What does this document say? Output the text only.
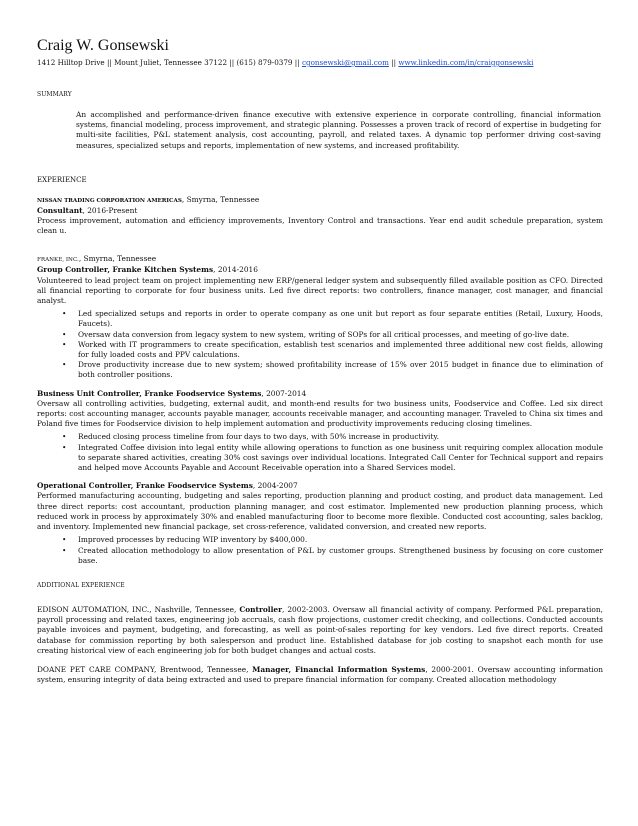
Craig W. Gonsewski
1412 Hilltop Drive || Mount Juliet, Tennessee 37122 || (615) 879-0379 || cgonsewski@gmail.com || www.linkedin.com/in/craiggonsewski
SUMMARY

An accomplished and performance-driven finance executive with extensive experience in corporate controlling, financial information systems, financial modeling, process improvement, and strategic planning. Possesses a proven track of record of expertise in budgeting for multi-site facilities, P&L statement analysis, cost accounting, payroll, and related taxes. A dynamic top performer driving cost-saving measures, specialized setups and reports, implementation of new systems, and increased profitability.

EXPERIENCE
NISSAN TRADING CORPORATION AMERICAS, Smyrna, Tennessee
Consultant, 2016-Present

Process improvement, automation and efficiency improvements, Inventory Control and transactions. Year end audit schedule preparation, system clean u.

FRANKE, INC., Smyrna, Tennessee
Group Controller, Franke Kitchen Systems, 2014-2016

Volunteered to lead project team on project implementing new ERP/general ledger system and subsequently filled available position as CFO. Directed all financial reporting to corporate for four business units. Led five direct reports: two controllers, finance manager, cost manager, and financial analyst.

• Led specialized setups and reports in order to operate company as one unit but report as four separate entities (Retail, Luxury, Hoods, Faucets).
• Oversaw data conversion from legacy system to new system, writing of SOPs for all critical processes, and meeting of go-live date.
• Worked with IT programmers to create specification, establish test scenarios and implemented three additional new cost fields, allowing for fully loaded costs and PPV calculations.
• Drove productivity increase due to new system; showed profitability increase of 15% over 2015 budget in finance due to elimination of both controller positions.
Business Unit Controller, Franke Foodservice Systems, 2007-2014

Oversaw all controlling activities, budgeting, external audit, and month-end results for two business units, Foodservice and Coffee. Led six direct reports: cost accounting manager, accounts payable manager, accounts receivable manager, and accounting manager. Traveled to China six times and Poland five times for Foodservice division to help implement automation and productivity improvements reducing closing timelines.

• Reduced closing process timeline from four days to two days, with 50% increase in productivity.
• Integrated Coffee division into legal entity while allowing operations to function as one business unit requiring complex allocation module to separate shared activities, creating 30% cost savings over individual locations. Integrated Call Center for Technical support and repairs and helped move Accounts Payable and Account Receivable operation into a Shared Services model.
Operational Controller, Franke Foodservice Systems, 2004-2007

Performed manufacturing accounting, budgeting and sales reporting, production planning and product costing, and product data management. Led three direct reports: cost accountant, production planning manager, and cost estimator. Implemented new production planning process, which reduced work in process by approximately 30% and enabled manufacturing floor to become more flexible. Conducted cost accounting, sales backlog, and inventory. Implemented new financial package, set cross-reference, validated conversion, and created new reports.

• Improved processes by reducing WIP inventory by $400,000.
• Created allocation methodology to allow presentation of P&L by customer groups. Strengthened business by focusing on core customer base.
ADDITIONAL EXPERIENCE

EDISON AUTOMATION, INC., Nashville, Tennessee, Controller, 2002-2003. Oversaw all financial activity of company. Performed P&L preparation, payroll processing and related taxes, engineering job accruals, cash flow projections, customer credit checking, and collections. Conducted accounts payable invoices and payment, budgeting, and forecasting, as well as point-of-sales reporting for key vendors. Led five direct reports. Created database for commission reporting by both salesperson and product line. Established database for job costing to snapshot each month for use creating historical view of each engineering job for both budget changes and actual costs.

DOANE PET CARE COMPANY, Brentwood, Tennessee, Manager, Financial Information Systems, 2000-2001. Oversaw accounting information system, ensuring integrity of data being extracted and used to prepare financial information for company. Created allocation methodology
